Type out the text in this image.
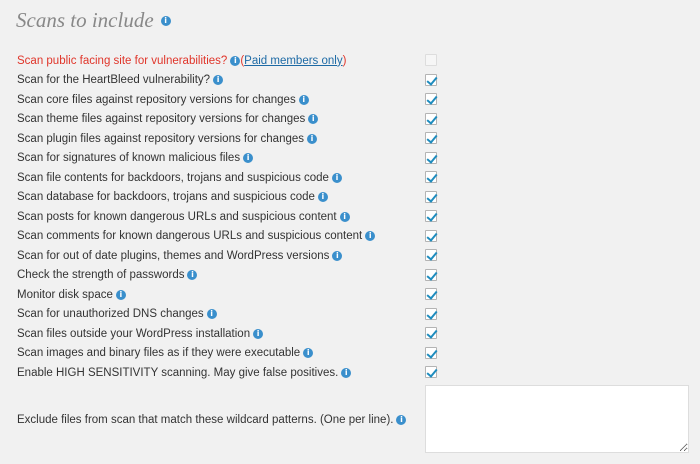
Scans to include	i
Scan public facing site for vulnerabilities? i ( Paid members only )
Scan for the HeartBleed vulnerability? i
Scan core files against repository versions for changes i
Scan theme files against repository versions for changes i
Scan plugin files against repository versions for changes i
Scan for signatures of known malicious files i
Scan file contents for backdoors, trojans and suspicious code i
Scan database for backdoors, trojans and suspicious code i
Scan posts for known dangerous URLs and suspicious content i
Scan comments for known dangerous URLs and suspicious content i
Scan for out of date plugins, themes and WordPress versions i
Check the strength of passwords i
Monitor disk space i
Scan for unauthorized DNS changes i
Scan files outside your WordPress installation i
Scan images and binary files as if they were executable i
Enable HIGH SENSITIVITY scanning. May give false positives. i
Exclude files from scan that match these wildcard patterns. (One per line). i
